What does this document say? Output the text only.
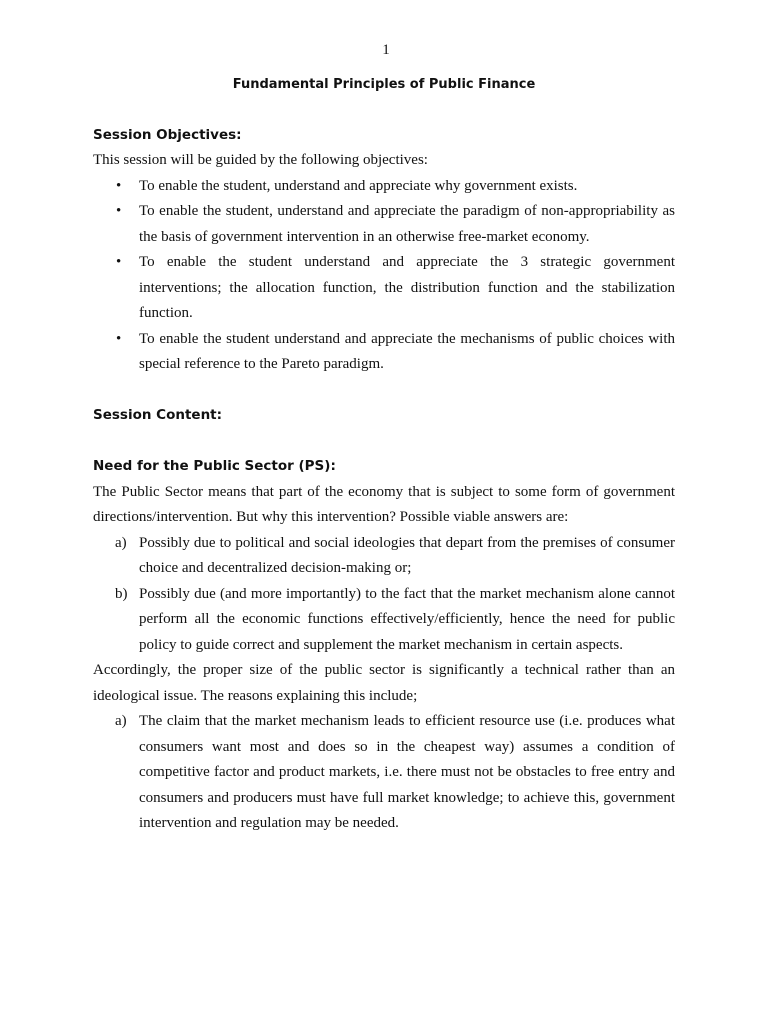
1
Fundamental Principles of Public Finance
Session Objectives:

This session will be guided by the following objectives:

• To enable the student, understand and appreciate why government exists.
• To enable the student, understand and appreciate the paradigm of non-appropriability as the basis of government intervention in an otherwise free-market economy.
• To enable the student understand and appreciate the 3 strategic government interventions; the allocation function, the distribution function and the stabilization function.
• To enable the student understand and appreciate the mechanisms of public choices with special reference to the Pareto paradigm.
Session Content:
Need for the Public Sector (PS):

The Public Sector means that part of the economy that is subject to some form of government directions/intervention. But why this intervention? Possible viable answers are:

a) Possibly due to political and social ideologies that depart from the premises of consumer choice and decentralized decision-making or;
b) Possibly due (and more importantly) to the fact that the market mechanism alone cannot perform all the economic functions effectively/efficiently, hence the need for public policy to guide correct and supplement the market mechanism in certain aspects.

Accordingly, the proper size of the public sector is significantly a technical rather than an ideological issue. The reasons explaining this include;

a) The claim that the market mechanism leads to efficient resource use (i.e. produces what consumers want most and does so in the cheapest way) assumes a condition of competitive factor and product markets, i.e. there must not be obstacles to free entry and consumers and producers must have full market knowledge; to achieve this, government intervention and regulation may be needed.
